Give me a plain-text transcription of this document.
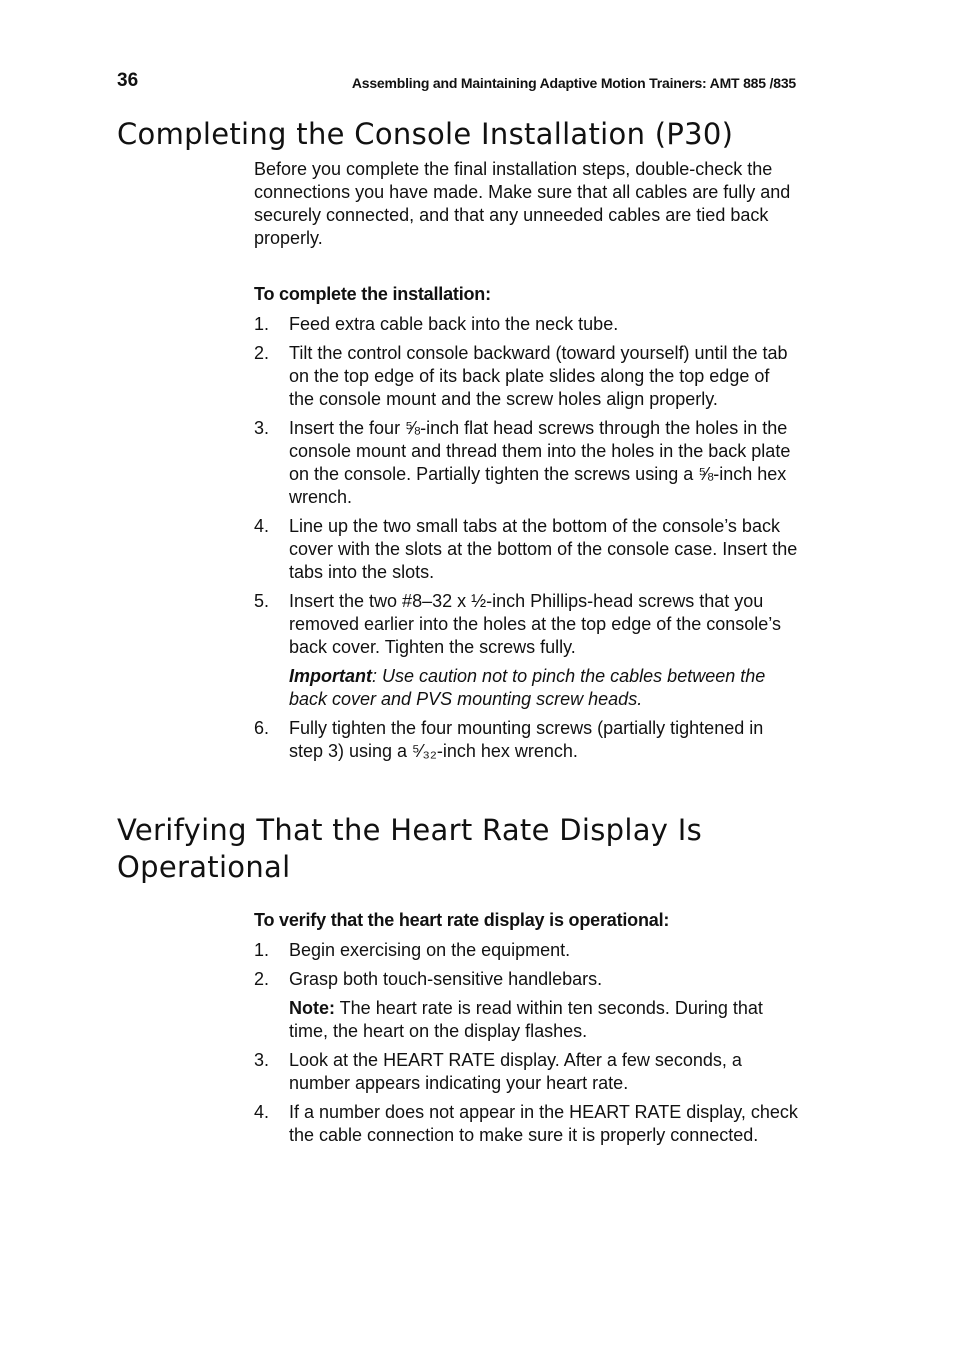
36	Assembling and Maintaining Adaptive Motion Trainers: AMT 885 /835
Completing the Console Installation (P30)

Before you complete the final installation steps, double-check the connections you have made. Make sure that all cables are fully and securely connected, and that any unneeded cables are tied back properly.

To complete the installation:
1. Feed extra cable back into the neck tube.
2. Tilt the control console backward (toward yourself) until the tab on the top edge of its back plate slides along the top edge of the console mount and the screw holes align properly.
3. Insert the four ⅝-inch flat head screws through the holes in the console mount and thread them into the holes in the back plate on the console. Partially tighten the screws using a ⅝-inch hex wrench.
4. Line up the two small tabs at the bottom of the console’s back cover with the slots at the bottom of the console case. Insert the tabs into the slots.
5. Insert the two #8–32 x ½-inch Phillips-head screws that you removed earlier into the holes at the top edge of the console’s back cover. Tighten the screws fully.

Important: Use caution not to pinch the cables between the back cover and PVS mounting screw heads.

6. Fully tighten the four mounting screws (partially tightened in step 3) using a ⁵⁄₃₂-inch hex wrench.
Verifying That the Heart Rate Display Is Operational
To verify that the heart rate display is operational:
1. Begin exercising on the equipment.
2. Grasp both touch-sensitive handlebars.

Note: The heart rate is read within ten seconds. During that time, the heart on the display flashes.

3. Look at the HEART RATE display. After a few seconds, a number appears indicating your heart rate.
4. If a number does not appear in the HEART RATE display, check the cable connection to make sure it is properly connected.
